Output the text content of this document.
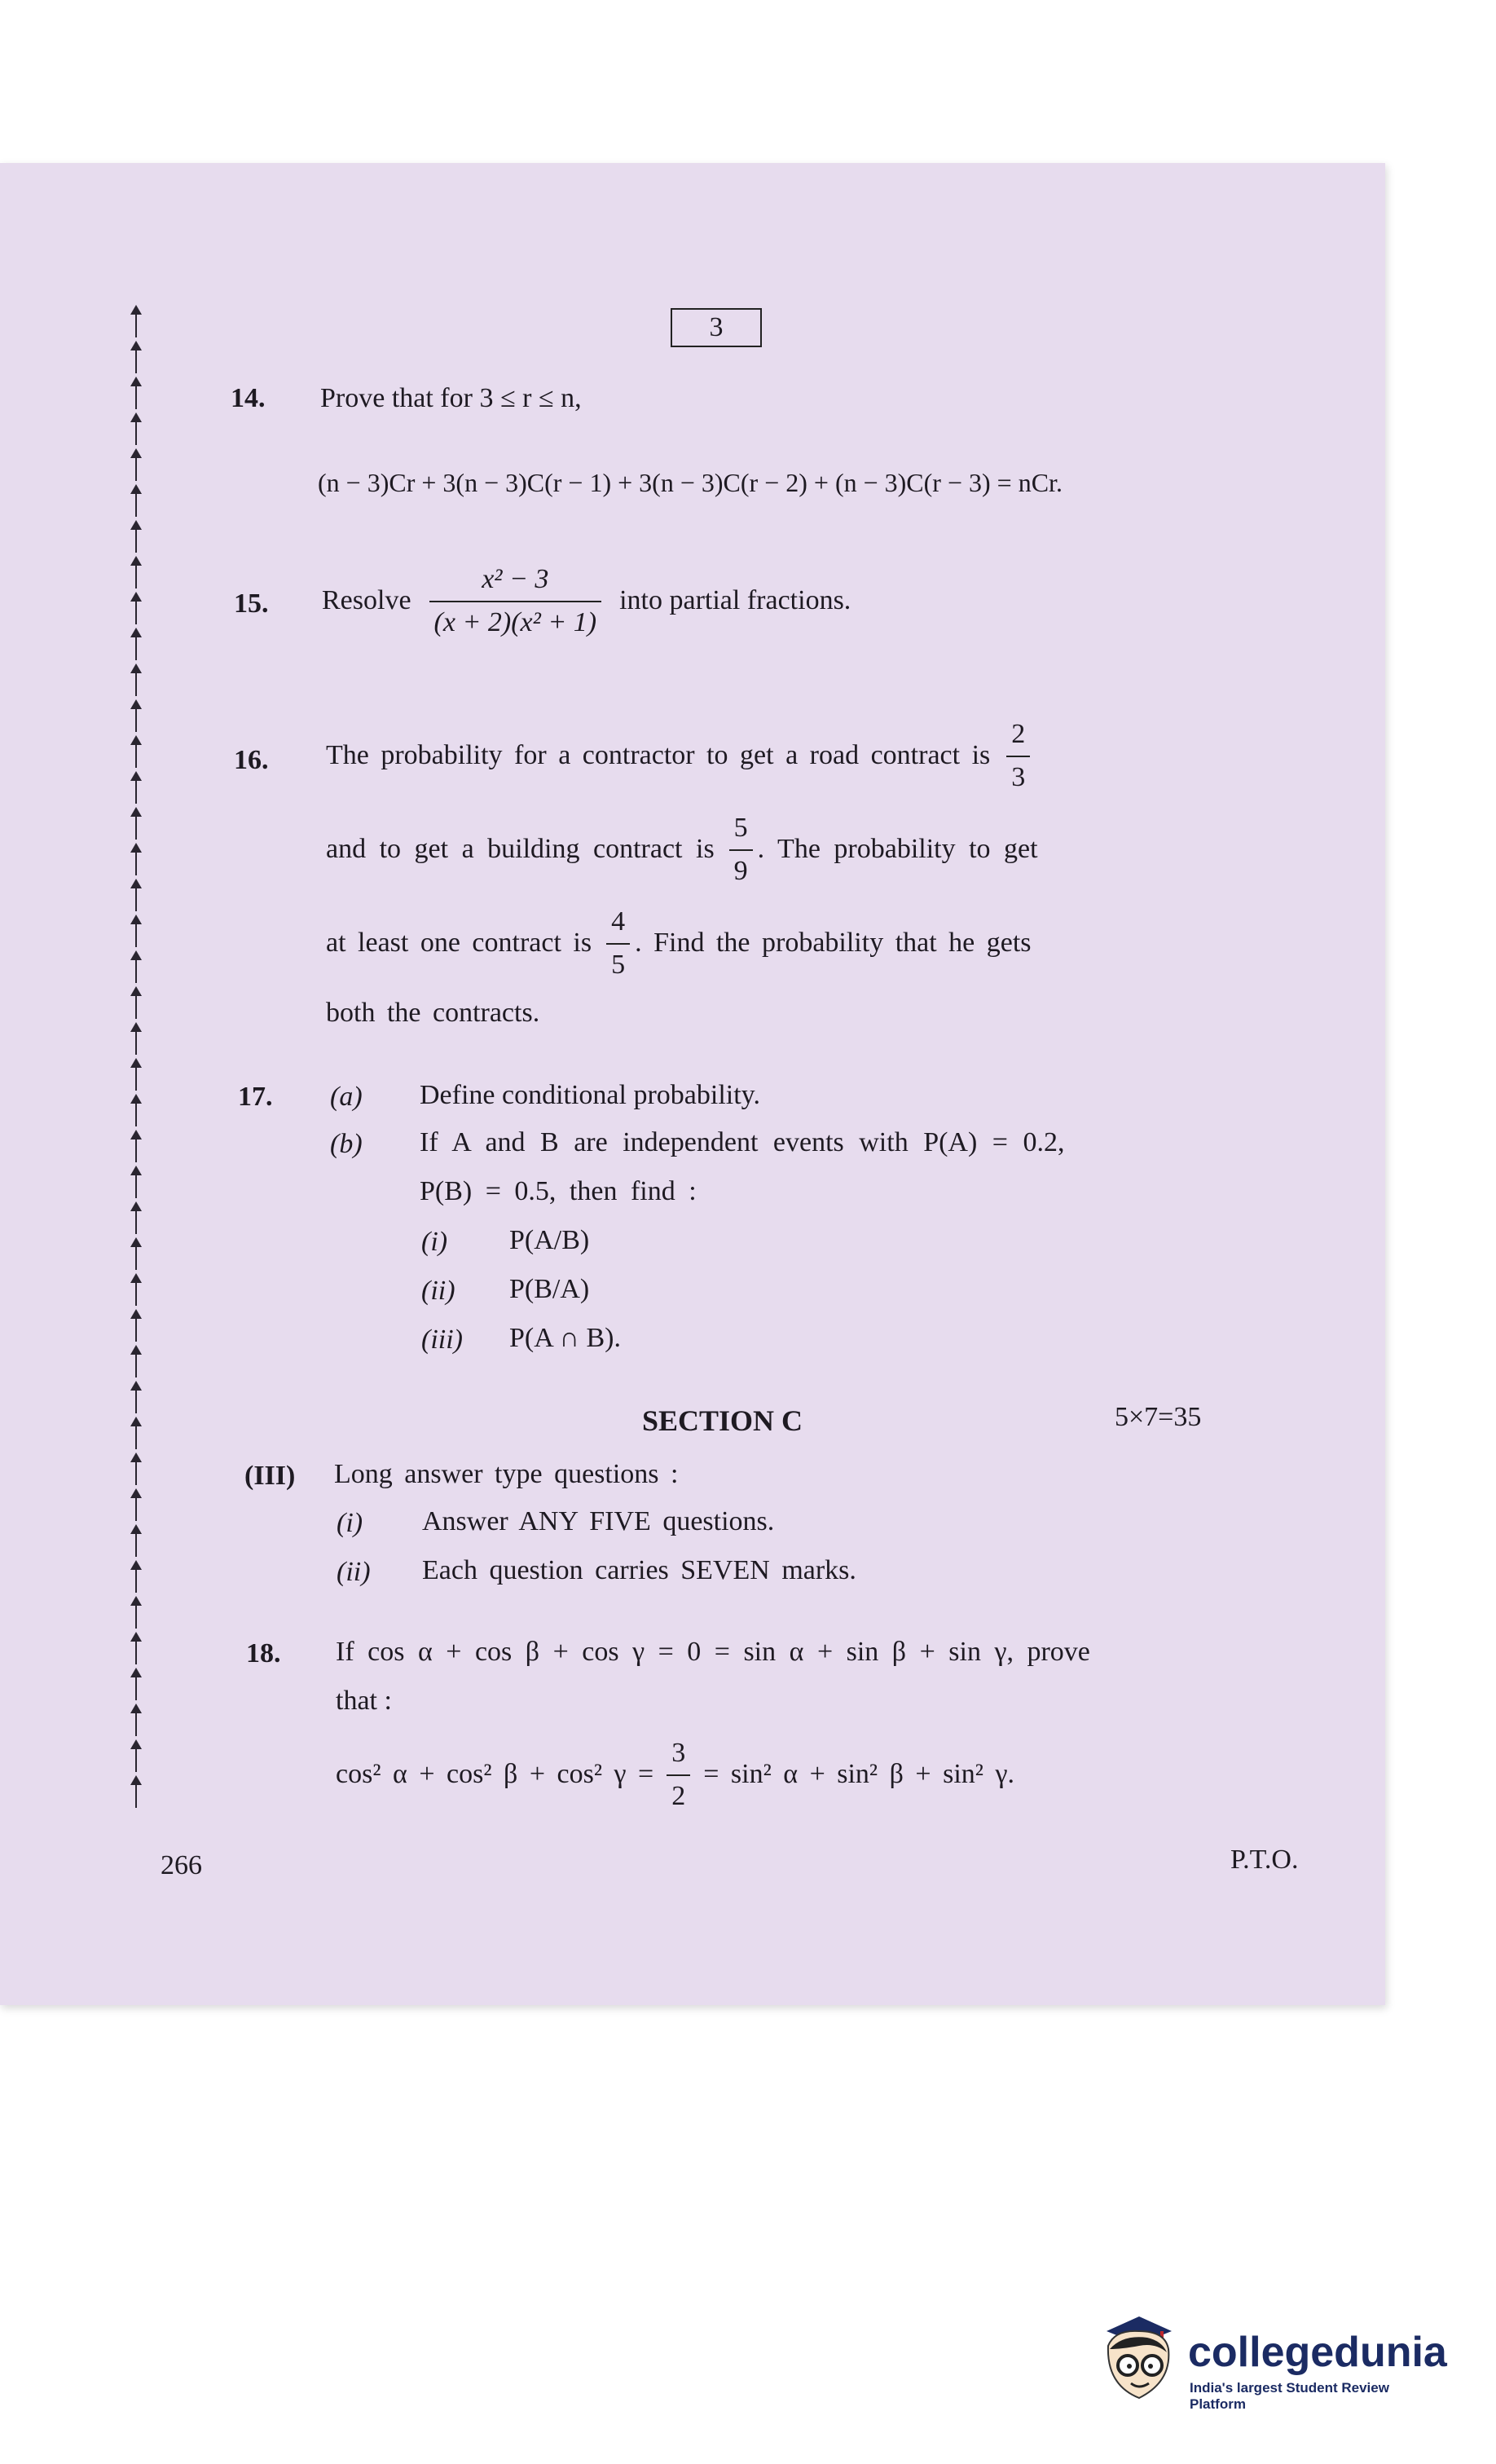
3
14. Prove that for 3 ≤ r ≤ n,
(n − 3)Cr + 3(n − 3)C(r − 1) + 3(n − 3)C(r − 2) + (n − 3)C(r − 3) = nCr.
15. Resolve $\frac{\text{x² − 3}}{\text{(x + 2)(x² + 1)}}$ into partial fractions.
16. The probability for a contractor to get a road contract is $\frac{2}{3}$
and to get a building contract is $\frac{5}{9}$ . The probability to get
at least one contract is $\frac{4}{5}$ . Find the probability that he gets
both the contracts.
17. (a) Define conditional probability.
(b) If A and B are independent events with P(A) = 0.2,
P(B) = 0.5, then find :
(i) P(A/B)
(ii) P(B/A)
(iii) P(A ∩ B).
SECTION C	5×7=35
(III) Long answer type questions :
(i) Answer ANY FIVE questions.
(ii) Each question carries SEVEN marks.
18. If cos α + cos β + cos γ = 0 = sin α + sin β + sin γ, prove
that :
cos² α + cos² β + cos² $\gamma = \frac{3}{2} = \sin^2$ α + sin² β + sin² γ.
266	P.T.O.
collegedunia
India's largest Student Review Platform
